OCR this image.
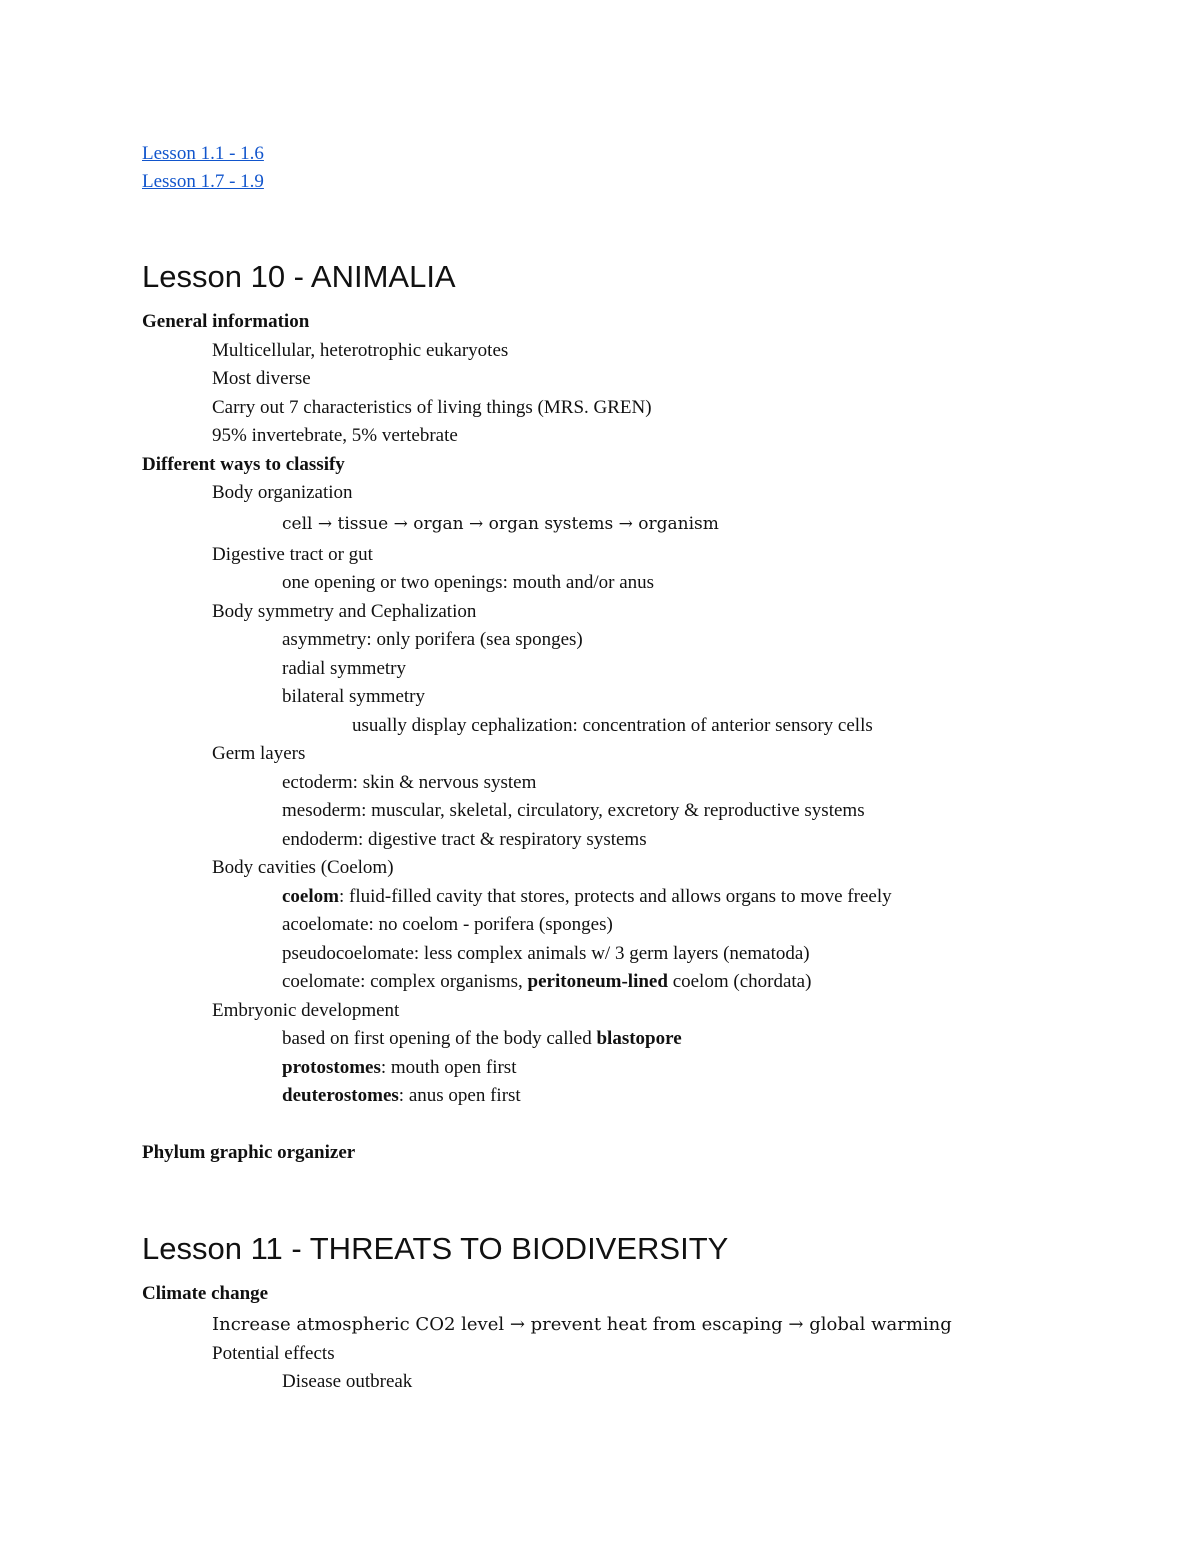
Lesson 1.1 - 1.6
Lesson 1.7 - 1.9
Lesson 10 - ANIMALIA
General information
Multicellular, heterotrophic eukaryotes
Most diverse
Carry out 7 characteristics of living things (MRS. GREN)
95% invertebrate, 5% vertebrate
Different ways to classify
Body organization
cell → tissue → organ → organ systems → organism
Digestive tract or gut
one opening or two openings: mouth and/or anus
Body symmetry and Cephalization
asymmetry: only porifera (sea sponges)
radial symmetry
bilateral symmetry
usually display cephalization: concentration of anterior sensory cells
Germ layers
ectoderm: skin & nervous system
mesoderm: muscular, skeletal, circulatory, excretory & reproductive systems
endoderm: digestive tract & respiratory systems
Body cavities (Coelom)
coelom: fluid-filled cavity that stores, protects and allows organs to move freely
acoelomate: no coelom - porifera (sponges)
pseudocoelomate: less complex animals w/ 3 germ layers (nematoda)
coelomate: complex organisms, peritoneum-lined coelom (chordata)
Embryonic development
based on first opening of the body called blastopore
protostomes: mouth open first
deuterostomes: anus open first
Phylum graphic organizer
Lesson 11 - THREATS TO BIODIVERSITY
Climate change
Increase atmospheric CO2 level → prevent heat from escaping → global warming
Potential effects
Disease outbreak
